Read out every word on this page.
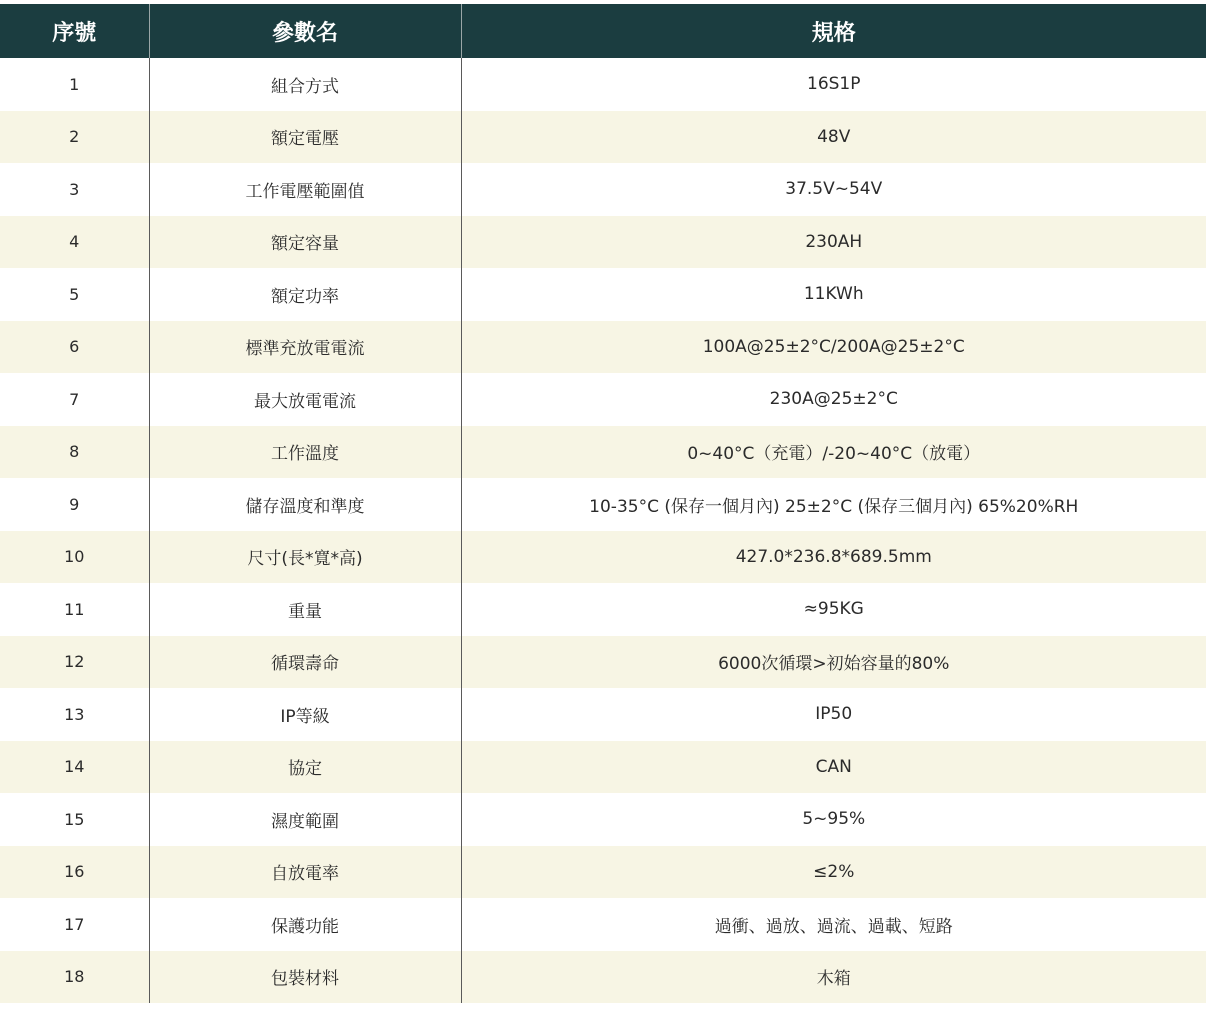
序號	參數名	規格
1	組合方式	16S1P
2	額定電壓	48V
3	工作電壓範圍值	37.5V~54V
4	額定容量	230AH
5	額定功率	11KWh
6	標準充放電電流	100A@25±2°C/200A@25±2°C
7	最大放電電流	230A@25±2°C
8	工作溫度	0~40°C（充電）/-20~40°C（放電）
9	儲存溫度和準度	10-35°C (保存一個月內) 25±2°C (保存三個月內) 65%20%RH
10	尺寸(長*寬*高)	427.0*236.8*689.5mm
11	重量	≈95KG
12	循環壽命	6000次循環>初始容量的80%
13	IP等級	IP50
14	協定	CAN
15	濕度範圍	5~95%
16	自放電率	≤2%
17	保護功能	過衝、過放、過流、過載、短路
18	包裝材料	木箱
